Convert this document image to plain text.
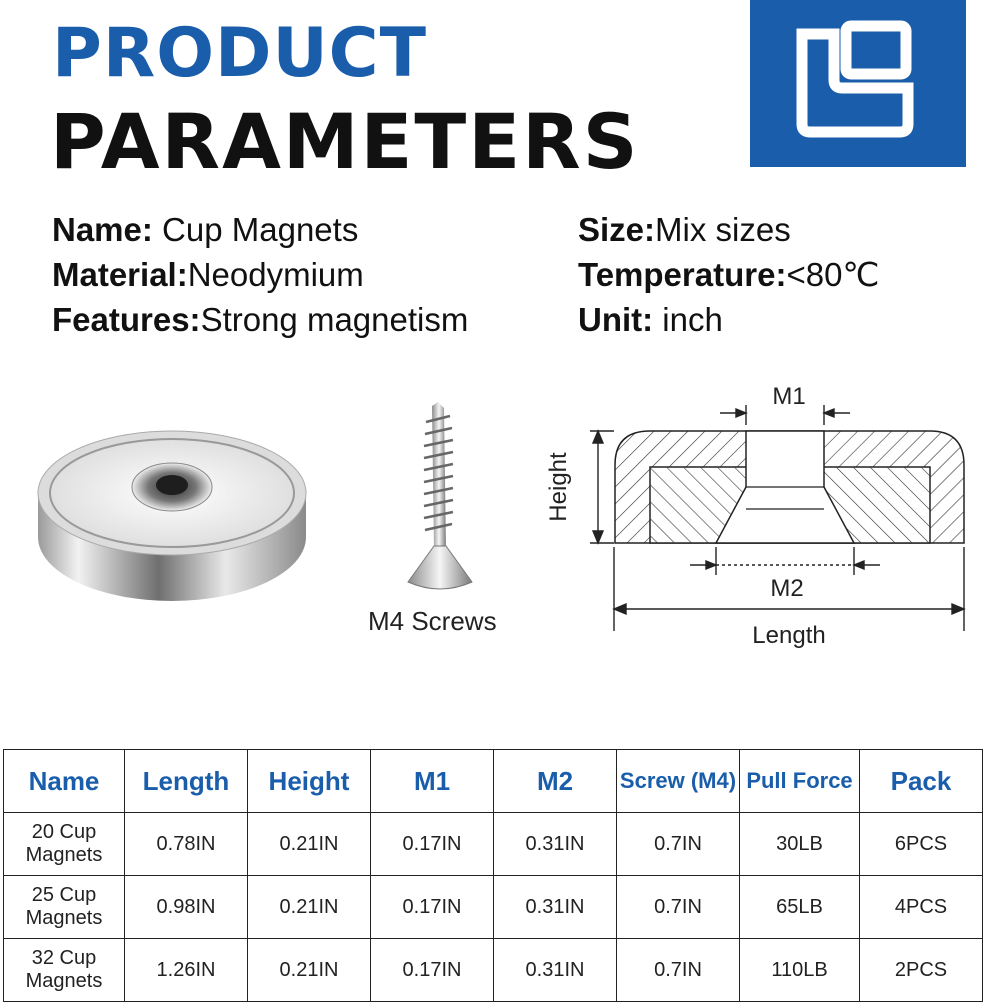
PRODUCT
PARAMETERS
Name: Cup Magnets
Material:Neodymium
Features:Strong magnetism
Size:Mix sizes
Temperature:<80℃
Unit: inch
M4 Screws
M1
M2
Length
Height
Name	Length	Height	M1	M2	Screw (M4)	Pull Force	Pack
20 Cup Magnets	0.78IN	0.21IN	0.17IN	0.31IN	0.7IN	30LB	6PCS
25 Cup Magnets	0.98IN	0.21IN	0.17IN	0.31IN	0.7IN	65LB	4PCS
32 Cup Magnets	1.26IN	0.21IN	0.17IN	0.31IN	0.7IN	110LB	2PCS
